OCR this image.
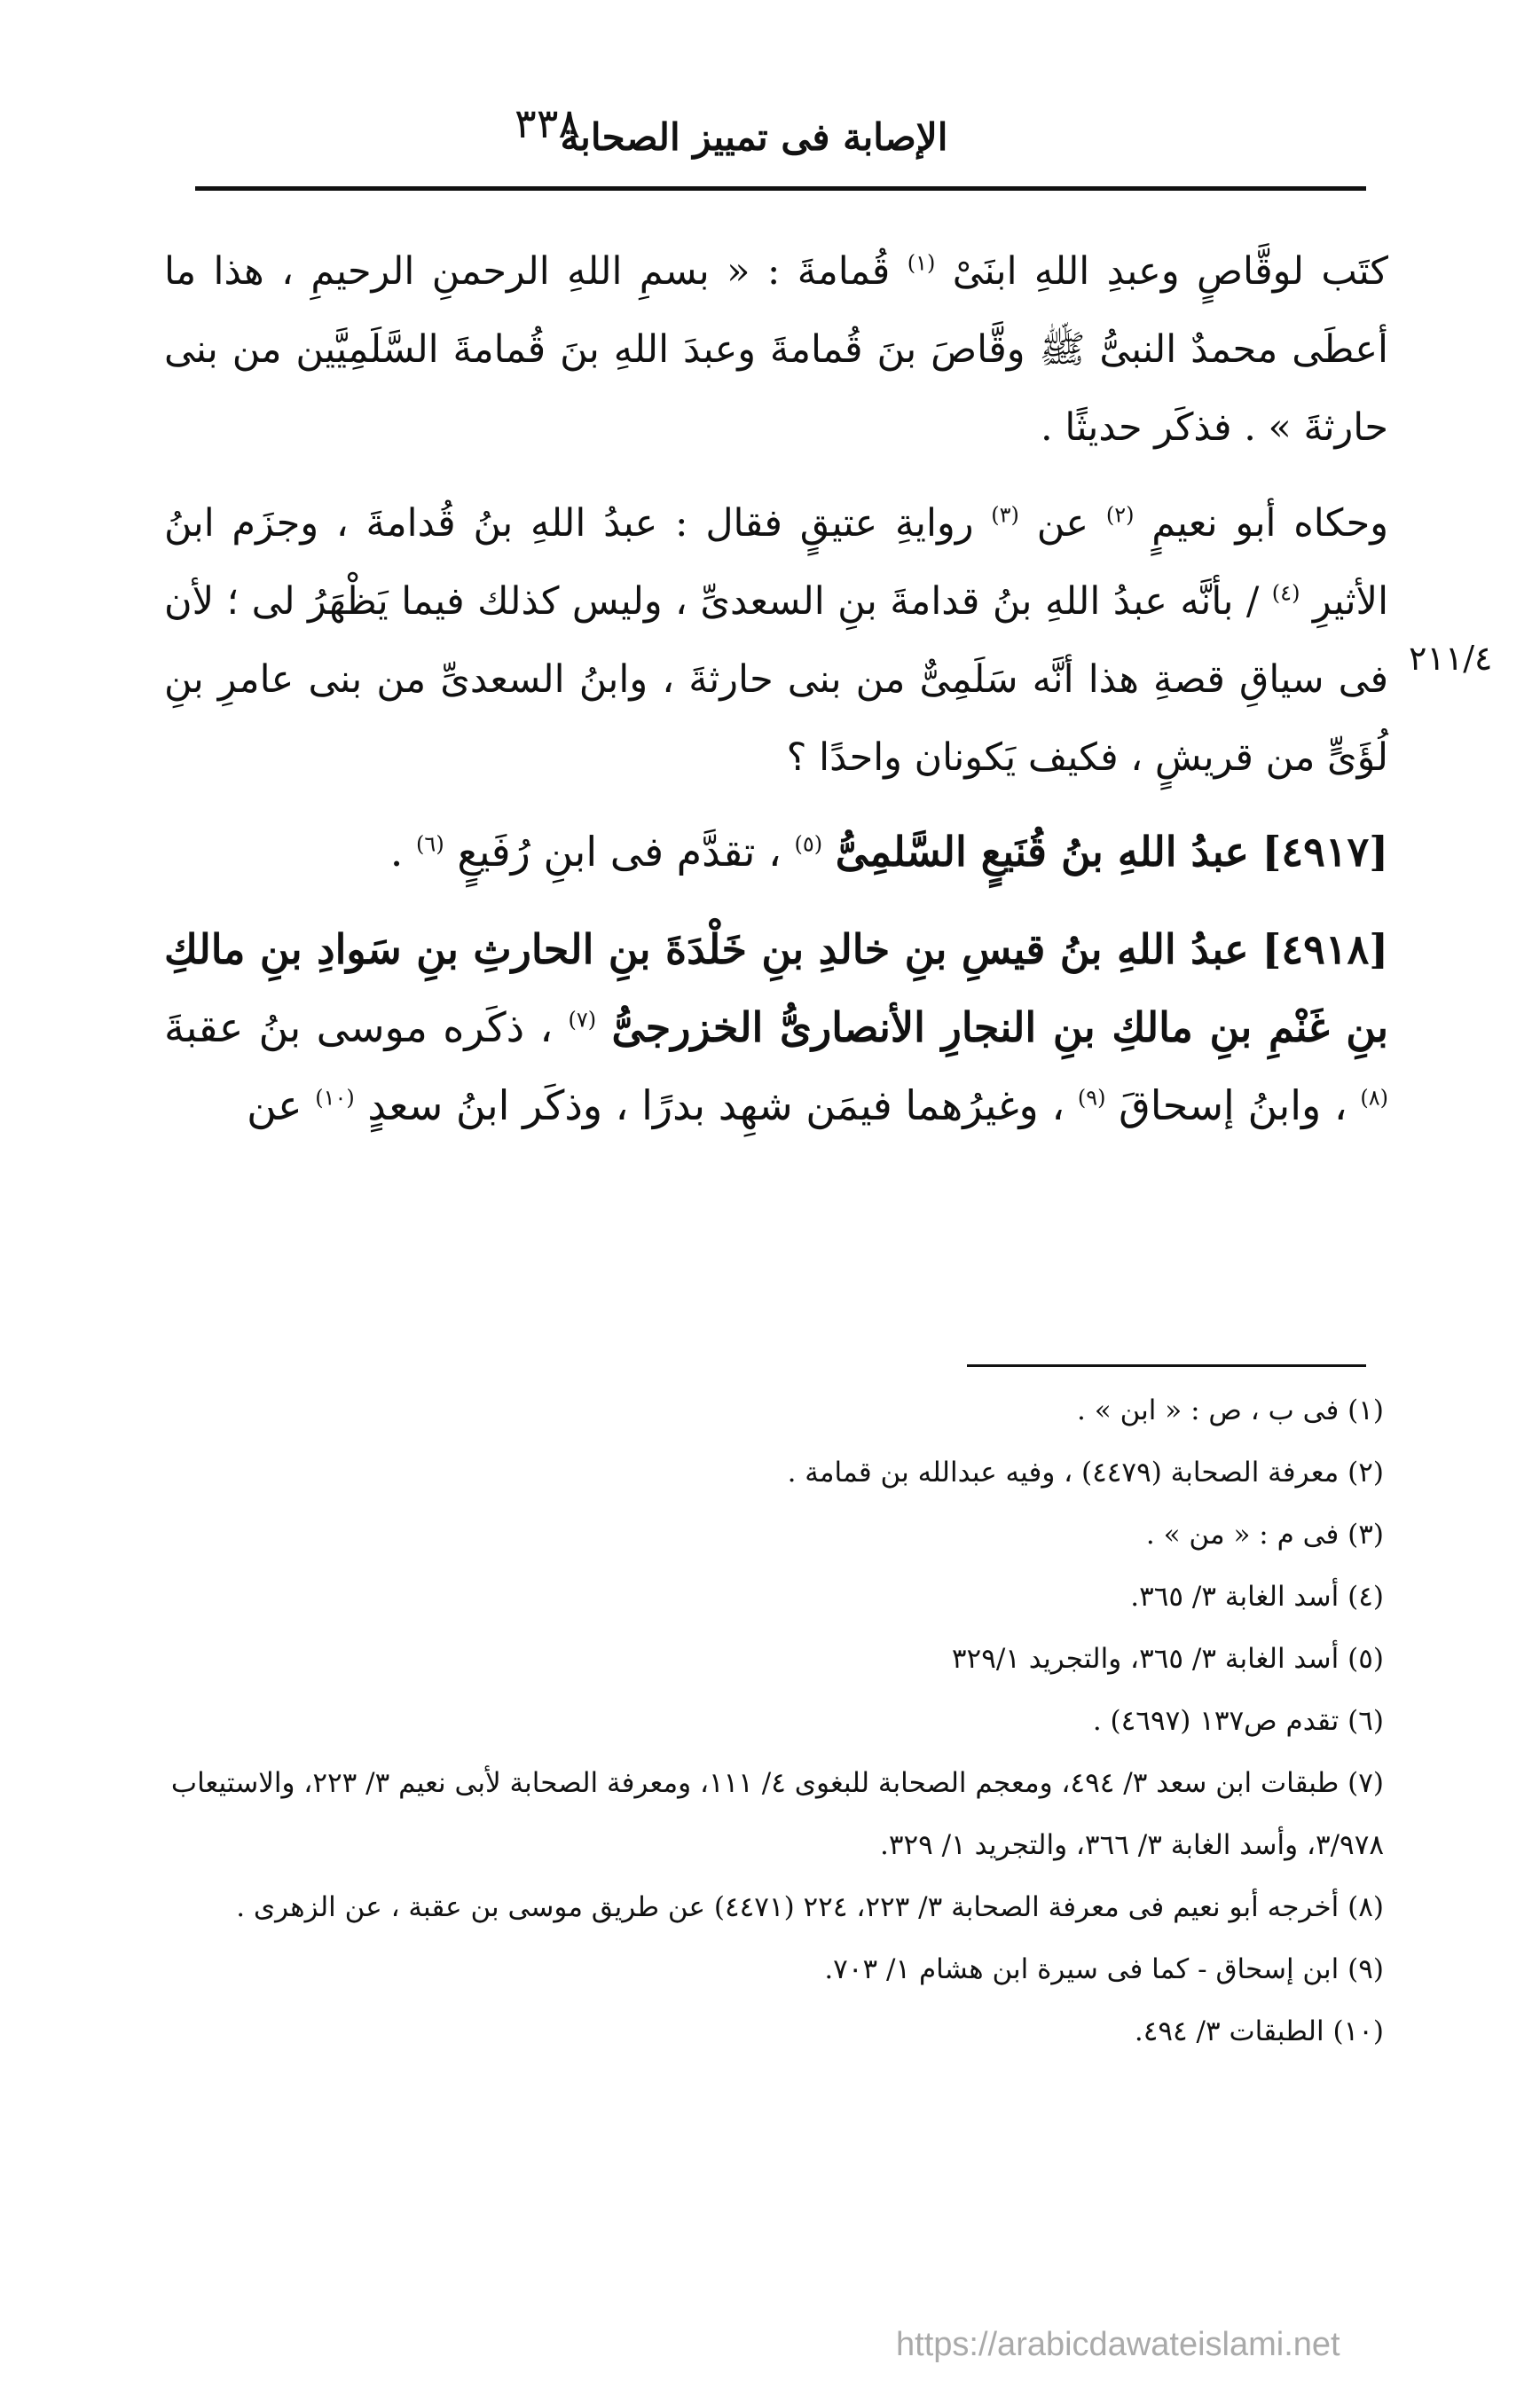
٣٣٨
الإصابة فى تمييز الصحابة
٢١١/٤

كتَب لوقَّاصٍ وعبدِ اللهِ ابنَىْ $^{(١)}$ قُمامةَ : « بسمِ اللهِ الرحمنِ الرحيمِ ، هذا ما أعطَى محمدٌ النبىُّ ﷺ وقَّاصَ بنَ قُمامةَ وعبدَ اللهِ بنَ قُمامةَ السَّلَمِيَّين من بنى حارثةَ » . فذكَر حديثًا .

وحكاه أبو نعيمٍ $^{(٢)}$ عن $^{(٣)}$ روايةِ عتيقٍ فقال : عبدُ اللهِ بنُ قُدامةَ ، وجزَم ابنُ الأثيرِ $^{(٤)}$ / بأنَّه عبدُ اللهِ بنُ قدامةَ بنِ السعدىِّ ، وليس كذلك فيما يَظْهَرُ لى ؛ لأن فى سياقِ قصةِ هذا أنَّه سَلَمِىٌّ من بنى حارثةَ ، وابنُ السعدىِّ من بنى عامرِ بنِ لُؤَىٍّ من قريشٍ ، فكيف يَكونان واحدًا ؟

[٤٩١٧] عبدُ اللهِ بنُ قُنَيعٍ السَّلمِىُّ $^{(٥)}$ ، تقدَّم فى ابنِ رُفَيعٍ $^{(٦)}$ .

[٤٩١٨] عبدُ اللهِ بنُ قيسِ بنِ خالدِ بنِ خَلْدَةَ بنِ الحارثِ بنِ سَوادِ بنِ مالكِ بنِ غَنْمِ بنِ مالكِ بنِ النجارِ الأنصارىُّ الخزرجىُّ $^{(٧)}$ ، ذكَره موسى بنُ عقبةَ $^{(٨)}$ ، وابنُ إسحاقَ $^{(٩)}$ ، وغيرُهما فيمَن شهِد بدرًا ، وذكَر ابنُ سعدٍ $^{(١٠)}$ عن

(١) فى ب ، ص : « ابن » .

(٢) معرفة الصحابة (٤٤٧٩) ، وفيه عبدالله بن قمامة .

(٣) فى م : « من » .

(٤) أسد الغابة ٣/ ٣٦٥.

(٥) أسد الغابة ٣/ ٣٦٥، والتجريد ٣٢٩/١

(٦) تقدم ص١٣٧ (٤٦٩٧) .

(٧) طبقات ابن سعد ٣/ ٤٩٤، ومعجم الصحابة للبغوى ٤/ ١١١، ومعرفة الصحابة لأبى نعيم ٣/ ٢٢٣، والاستيعاب ٣/٩٧٨، وأسد الغابة ٣/ ٣٦٦، والتجريد ١/ ٣٢٩.

(٨) أخرجه أبو نعيم فى معرفة الصحابة ٣/ ٢٢٣، ٢٢٤ (٤٤٧١) عن طريق موسى بن عقبة ، عن الزهرى .

(٩) ابن إسحاق - كما فى سيرة ابن هشام ١/ ٧٠٣.

(١٠) الطبقات ٣/ ٤٩٤.

https://arabicdawateislami.net
